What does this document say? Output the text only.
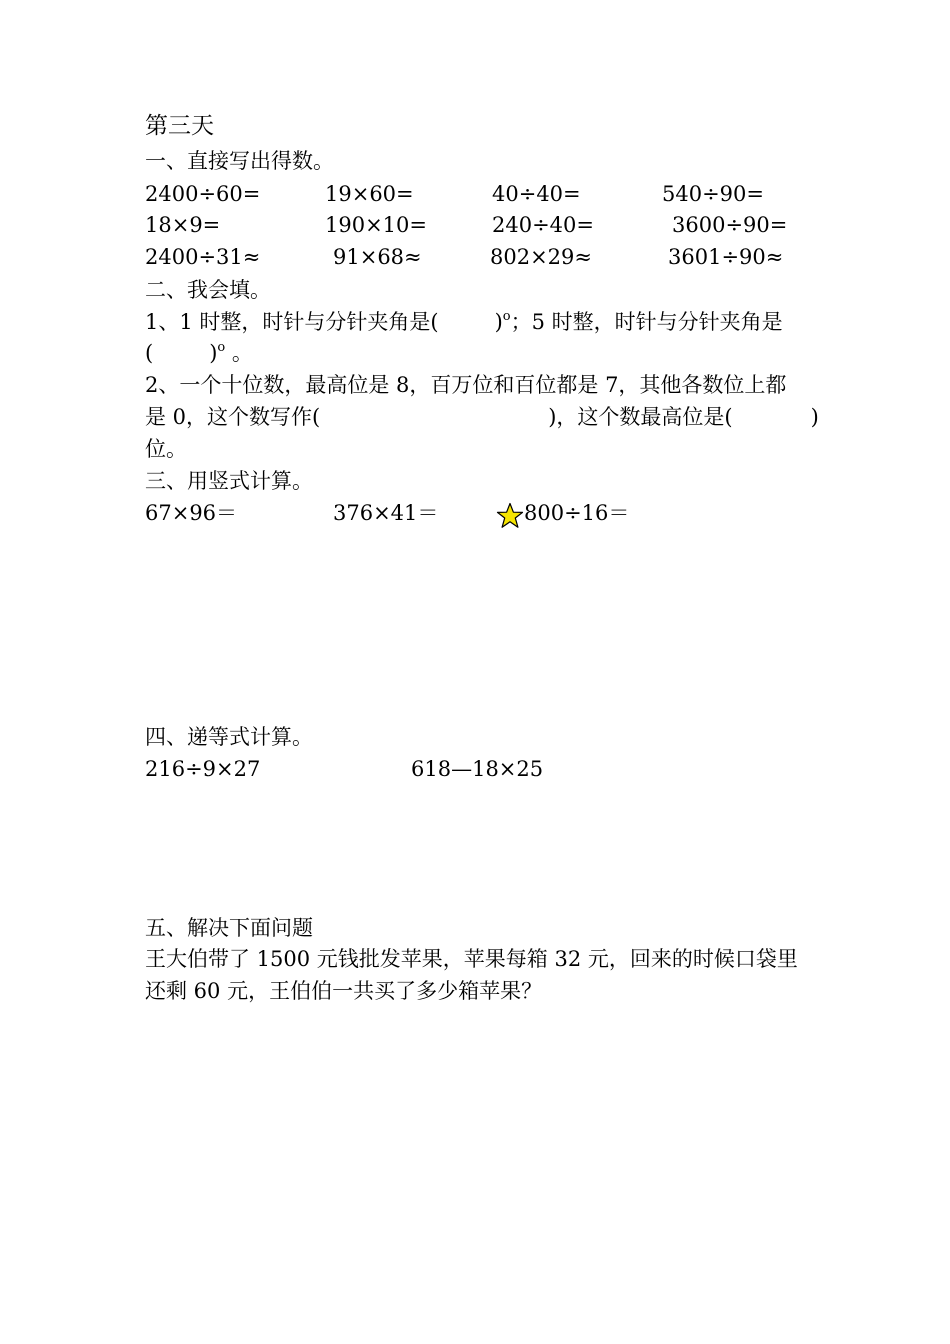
第三天
一、直接写出得数。
2400÷60=	19×60=	40÷40=	540÷90=
18×9=	190×10=	240÷40=	3600÷90=
2400÷31≈	91×68≈	802×29≈	3601÷90≈
二、我会填。
1、1 时整，时针与分针夹角是(	)$^o$；5 时整，时针与分针夹角是
(	)$^o$ 。
2、一个十位数，最高位是 8，百万位和百位都是 7，其他各数位上都
是 0，这个数写作(	)，这个数最高位是(	)
位。
三、用竖式计算。
67×96＝	376×41＝	800÷16＝
四、递等式计算。
216÷9×27	618—18×25
五、解决下面问题
王大伯带了 1500 元钱批发苹果，苹果每箱 32 元，回来的时候口袋里
还剩 60 元，王伯伯一共买了多少箱苹果？
